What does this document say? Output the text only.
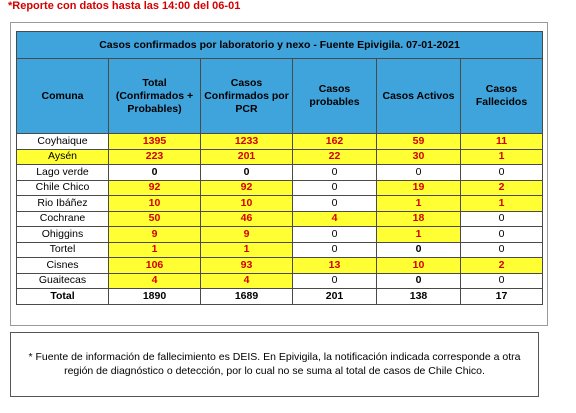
*Reporte con datos hasta las 14:00 del 06-01
Casos confirmados por laboratorio y nexo - Fuente Epivigila. 07-01-2021					
Comuna	Total (Confirmados + Probables)	Casos Confirmados por PCR	Casos probables	Casos Activos	Casos Fallecidos
Coyhaique	1395	1233	162	59	11
Aysén	223	201	22	30	1
Lago verde	0	0	0	0	0
Chile Chico	92	92	0	19	2
Rio Ibáñez	10	10	0	1	1
Cochrane	50	46	4	18	0
Ohiggins	9	9	0	1	0
Tortel	1	1	0	0	0
Cisnes	106	93	13	10	2
Guaitecas	4	4	0	0	0
Total	1890	1689	201	138	17
* Fuente de información de fallecimiento es DEIS. En Epivigila, la notificación indicada corresponde a otra región de diagnóstico o detección, por lo cual no se suma al total de casos de Chile Chico.
